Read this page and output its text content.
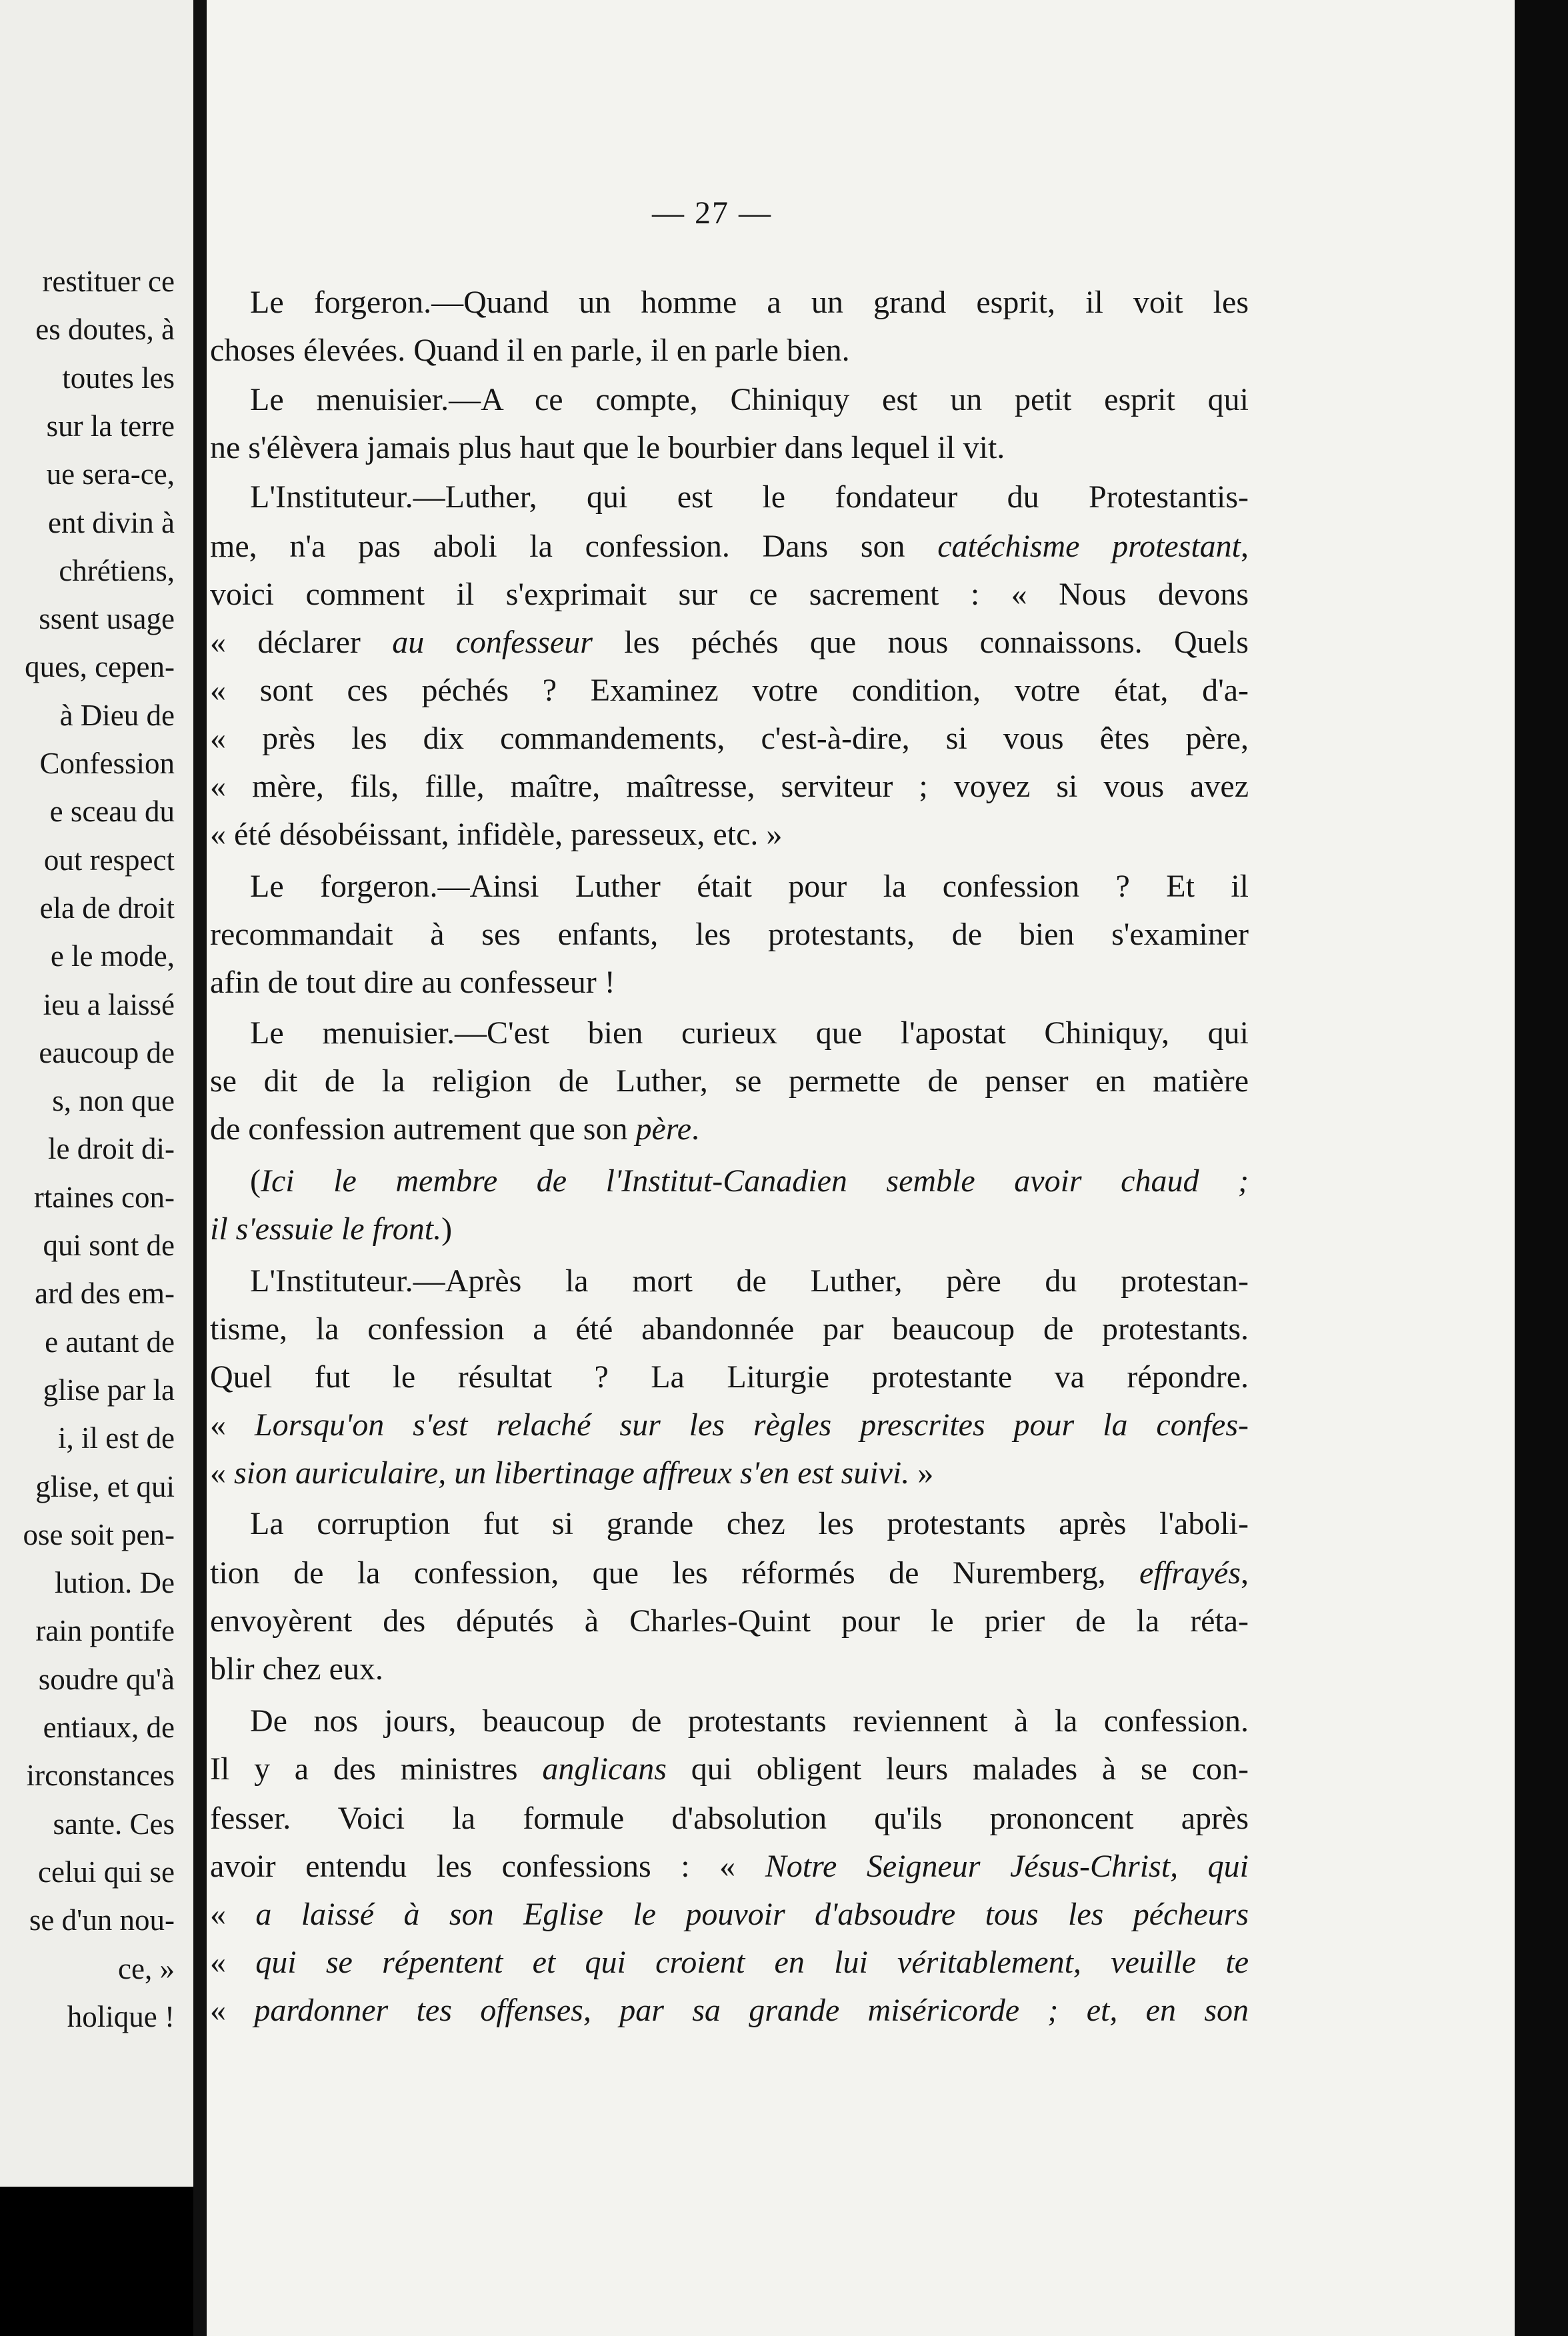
restituer ce
es doutes, à
toutes les
sur la terre
ue sera-ce,
ent divin à
chrétiens,
ssent usage
ques, cepen-
à Dieu de
Confession
e sceau du
out respect
ela de droit
e le mode,
ieu a laissé
eaucoup de
s, non que
le droit di-
rtaines con-
qui sont de
ard des em-
e autant de
glise par la
i, il est de
glise, et qui
ose soit pen-
lution. De
rain pontife
soudre qu'à
entiaux, de
irconstances
sante. Ces
celui qui se
se d'un nou-
ce, »
holique !
— 27 —
Le forgeron.—Quand un homme a un grand esprit, il voit les
choses élevées. Quand il en parle, il en parle bien.
Le menuisier.—A ce compte, Chiniquy est un petit esprit qui
ne s'élèvera jamais plus haut que le bourbier dans lequel il vit.
L'Instituteur.—Luther, qui est le fondateur du Protestantis-
me, n'a pas aboli la confession. Dans son catéchisme protestant,
voici comment il s'exprimait sur ce sacrement : « Nous devons
« déclarer au confesseur les péchés que nous connaissons. Quels
« sont ces péchés ? Examinez votre condition, votre état, d'a-
« près les dix commandements, c'est-à-dire, si vous êtes père,
« mère, fils, fille, maître, maîtresse, serviteur ; voyez si vous avez
« été désobéissant, infidèle, paresseux, etc. »
Le forgeron.—Ainsi Luther était pour la confession ? Et il
recommandait à ses enfants, les protestants, de bien s'examiner
afin de tout dire au confesseur !
Le menuisier.—C'est bien curieux que l'apostat Chiniquy, qui
se dit de la religion de Luther, se permette de penser en matière
de confession autrement que son père.
(Ici le membre de l'Institut-Canadien semble avoir chaud ;
il s'essuie le front.)
L'Instituteur.—Après la mort de Luther, père du protestan-
tisme, la confession a été abandonnée par beaucoup de protestants.
Quel fut le résultat ? La Liturgie protestante va répondre.
« Lorsqu'on s'est relaché sur les règles prescrites pour la confes-
« sion auriculaire, un libertinage affreux s'en est suivi. »
La corruption fut si grande chez les protestants après l'aboli-
tion de la confession, que les réformés de Nuremberg, effrayés,
envoyèrent des députés à Charles-Quint pour le prier de la réta-
blir chez eux.
De nos jours, beaucoup de protestants reviennent à la confession.
Il y a des ministres anglicans qui obligent leurs malades à se con-
fesser. Voici la formule d'absolution qu'ils prononcent après
avoir entendu les confessions : « Notre Seigneur Jésus-Christ, qui
« a laissé à son Eglise le pouvoir d'absoudre tous les pécheurs
« qui se répentent et qui croient en lui véritablement, veuille te
« pardonner tes offenses, par sa grande miséricorde ; et, en son
